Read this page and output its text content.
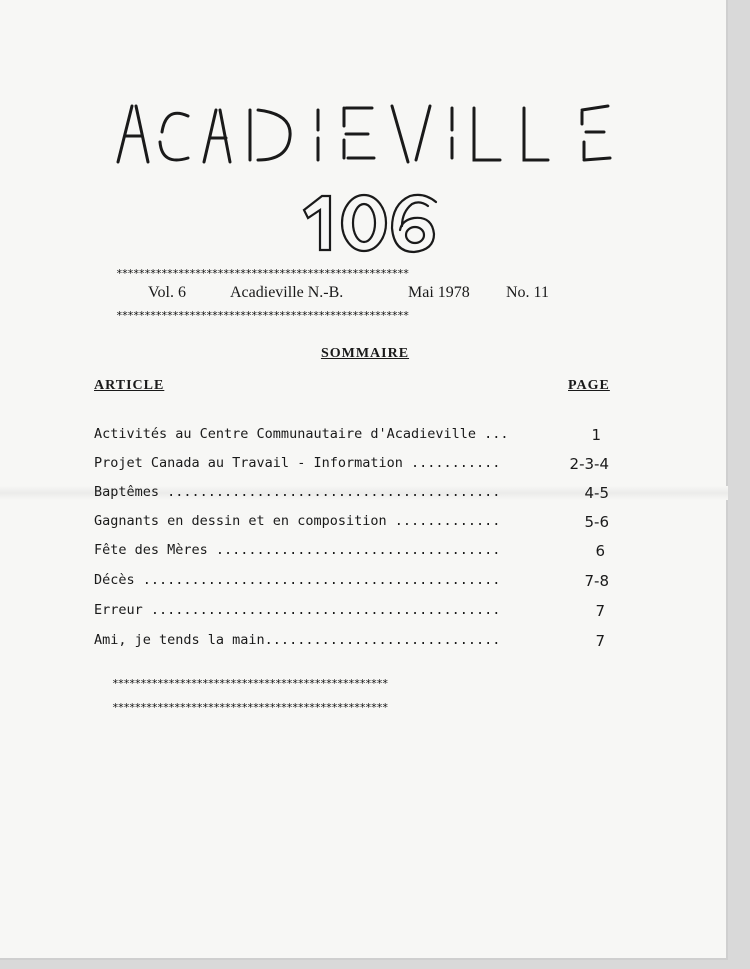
****************************************************
Vol. 6	Acadieville N.-B.	Mai 1978 No. 11
****************************************************
SOMMAIRE
ARTICLE	PAGE
Activités au Centre Communautaire d'Acadieville ...	1
Projet Canada au Travail - Information ...........	2-3-4
Baptêmes .........................................	4-5
Gagnants en dessin et en composition .............	5-6
Fête des Mères ...................................	6
Décès ............................................	7-8
Erreur ...........................................	7
Ami, je tends la main.............................	7
*************************************************
*************************************************
